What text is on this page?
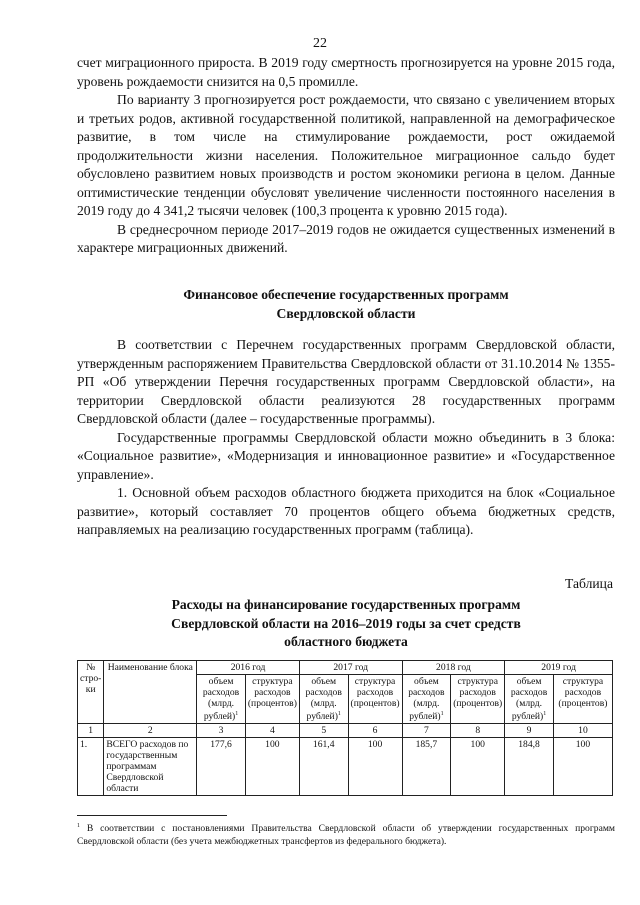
22

счет миграционного прироста. В 2019 году смертность прогнозируется на уровне 2015 года, уровень рождаемости снизится на 0,5 промилле.

По варианту 3 прогнозируется рост рождаемости, что связано с увеличением вторых и третьих родов, активной государственной политикой, направленной на демографическое развитие, в том числе на стимулирование рождаемости, рост ожидаемой продолжительности жизни населения. Положительное миграционное сальдо будет обусловлено развитием новых производств и ростом экономики региона в целом. Данные оптимистические тенденции обусловят увеличение численности постоянного населения в 2019 году до 4 341,2 тысячи человек (100,3 процента к уровню 2015 года).

В среднесрочном периоде 2017–2019 годов не ожидается существенных изменений в характере миграционных движений.

Финансовое обеспечение государственных программ
Свердловской области

В соответствии с Перечнем государственных программ Свердловской области, утвержденным распоряжением Правительства Свердловской области от 31.10.2014 № 1355-РП «Об утверждении Перечня государственных программ Свердловской области», на территории Свердловской области реализуются 28 государственных программ Свердловской области (далее – государственные программы).

Государственные программы Свердловской области можно объединить в 3 блока: «Социальное развитие», «Модернизация и инновационное развитие» и «Государственное управление».

1. Основной объем расходов областного бюджета приходится на блок «Социальное развитие», который составляет 70 процентов общего объема бюджетных средств, направляемых на реализацию государственных программ (таблица).

Таблица
Расходы на финансирование государственных программ
Свердловской области на 2016–2019 годы за счет средств
областного бюджета
№ стро-ки	Наименование блока	2016 год		2017 год		2018 год		2019 год	
		объем расходов (млрд. рублей)$^1$	структура расходов (процентов)	объем расходов (млрд. рублей)$^1$	структура расходов (процентов)	объем расходов (млрд. рублей)$^1$	структура расходов (процентов)	объем расходов (млрд. рублей)$^1$	структура расходов (процентов)
1	2	3	4	5	6	7	8	9	10
1.	ВСЕГО расходов по государственным программам Свердловской области	177,6	100	161,4	100	185,7	100	184,8	100
$^1$ В соответствии с постановлениями Правительства Свердловской области об утверждении государственных программ Свердловской области (без учета межбюджетных трансфертов из федерального бюджета).
